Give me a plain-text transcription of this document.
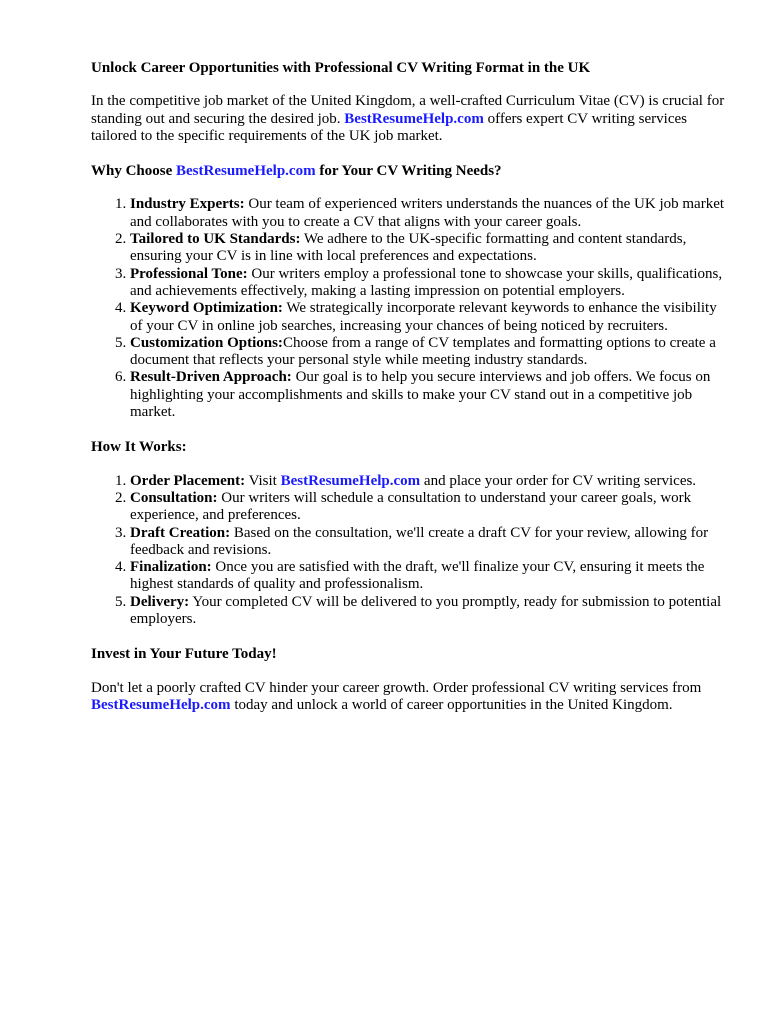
Unlock Career Opportunities with Professional CV Writing Format in the UK

In the competitive job market of the United Kingdom, a well-crafted Curriculum Vitae (CV) is crucial for standing out and securing the desired job. BestResumeHelp.com offers expert CV writing services tailored to the specific requirements of the UK job market.

Why Choose BestResumeHelp.com for Your CV Writing Needs?
1. Industry Experts: Our team of experienced writers understands the nuances of the UK job market and collaborates with you to create a CV that aligns with your career goals.
2. Tailored to UK Standards: We adhere to the UK-specific formatting and content standards, ensuring your CV is in line with local preferences and expectations.
3. Professional Tone: Our writers employ a professional tone to showcase your skills, qualifications, and achievements effectively, making a lasting impression on potential employers.
4. Keyword Optimization: We strategically incorporate relevant keywords to enhance the visibility of your CV in online job searches, increasing your chances of being noticed by recruiters.
5. Customization Options:Choose from a range of CV templates and formatting options to create a document that reflects your personal style while meeting industry standards.
6. Result-Driven Approach: Our goal is to help you secure interviews and job offers. We focus on highlighting your accomplishments and skills to make your CV stand out in a competitive job market.
How It Works:
1. Order Placement: Visit BestResumeHelp.com and place your order for CV writing services.
2. Consultation: Our writers will schedule a consultation to understand your career goals, work experience, and preferences.
3. Draft Creation: Based on the consultation, we'll create a draft CV for your review, allowing for feedback and revisions.
4. Finalization: Once you are satisfied with the draft, we'll finalize your CV, ensuring it meets the highest standards of quality and professionalism.
5. Delivery: Your completed CV will be delivered to you promptly, ready for submission to potential employers.
Invest in Your Future Today!

Don't let a poorly crafted CV hinder your career growth. Order professional CV writing services from BestResumeHelp.com today and unlock a world of career opportunities in the United Kingdom.
